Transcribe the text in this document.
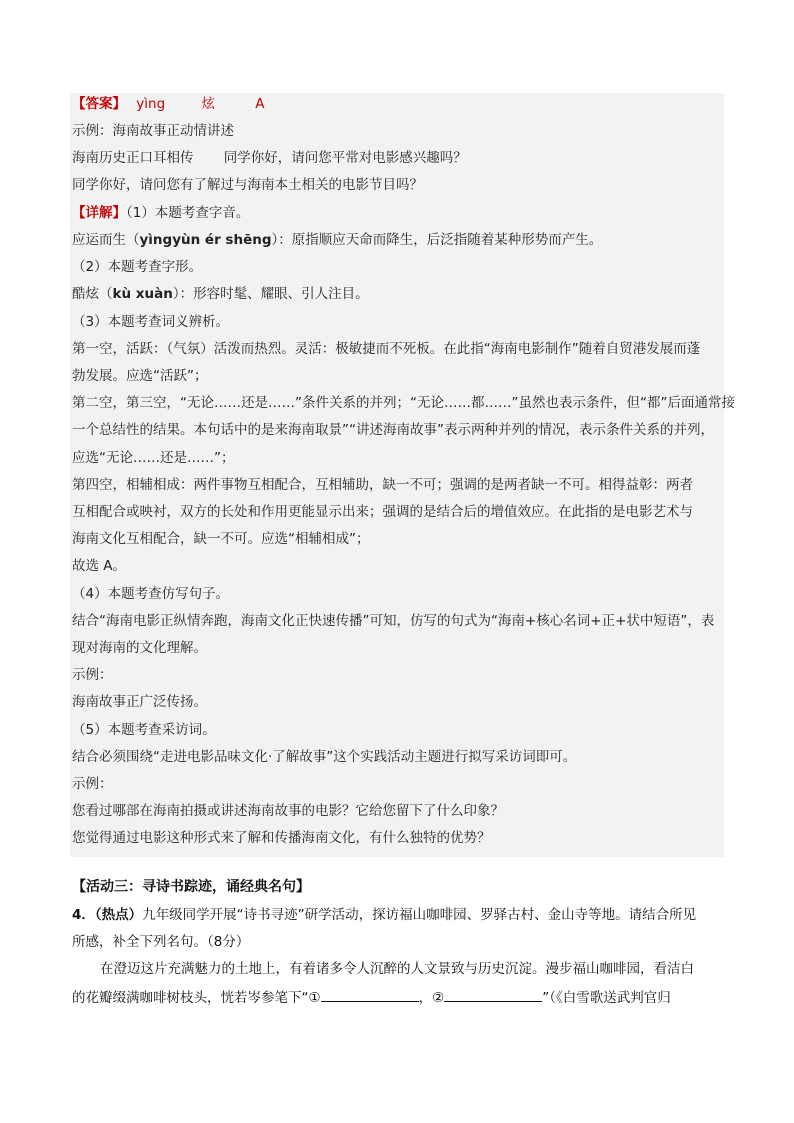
【答案】 yìng	炫	A
示例：海南故事正动情讲述
海南历史正口耳相传 同学你好，请问您平常对电影感兴趣吗？
同学你好，请问您有了解过与海南本土相关的电影节目吗？
【详解】（1）本题考查字音。
应运而生（yìngyùn ér shēng）：原指顺应天命而降生，后泛指随着某种形势而产生。
（2）本题考查字形。
酷炫（kù xuàn）：形容时髦、耀眼、引人注目。
（3）本题考查词义辨析。
第一空，活跃：（气氛）活泼而热烈。灵活：极敏捷而不死板。在此指“海南电影制作”随着自贸港发展而蓬
勃发展。应选“活跃”；
第二空，第三空，“无论……还是……”条件关系的并列；“无论……都……”虽然也表示条件，但“都”后面通常接
一个总结性的结果。本句话中的是来海南取景”“讲述海南故事”表示两种并列的情况，表示条件关系的并列，
应选“无论……还是……”；
第四空，相辅相成：两件事物互相配合，互相辅助，缺一不可；强调的是两者缺一不可。相得益彰：两者
互相配合或映衬，双方的长处和作用更能显示出来；强调的是结合后的增值效应。在此指的是电影艺术与
海南文化互相配合，缺一不可。应选“相辅相成”；
故选 A。
（4）本题考查仿写句子。
结合“海南电影正纵情奔跑，海南文化正快速传播”可知，仿写的句式为“海南+核心名词+正+状中短语”，表
现对海南的文化理解。
示例：
海南故事正广泛传扬。
（5）本题考查采访词。
结合必须围绕“走进电影品味文化·了解故事”这个实践活动主题进行拟写采访词即可。
示例：
您看过哪部在海南拍摄或讲述海南故事的电影？它给您留下了什么印象？
您觉得通过电影这种形式来了解和传播海南文化，有什么独特的优势？
【活动三：寻诗书踪迹，诵经典名句】
4．（热点）九年级同学开展“诗书寻迹”研学活动，探访福山咖啡园、罗驿古村、金山寺等地。请结合所见
所感，补全下列名句。（8分）
在澄迈这片充满魅力的土地上，有着诸多令人沉醉的人文景致与历史沉淀。漫步福山咖啡园，看洁白
的花瓣缀满咖啡树枝头，恍若岑参笔下“①	，②	”（《白雪歌送武判官归
